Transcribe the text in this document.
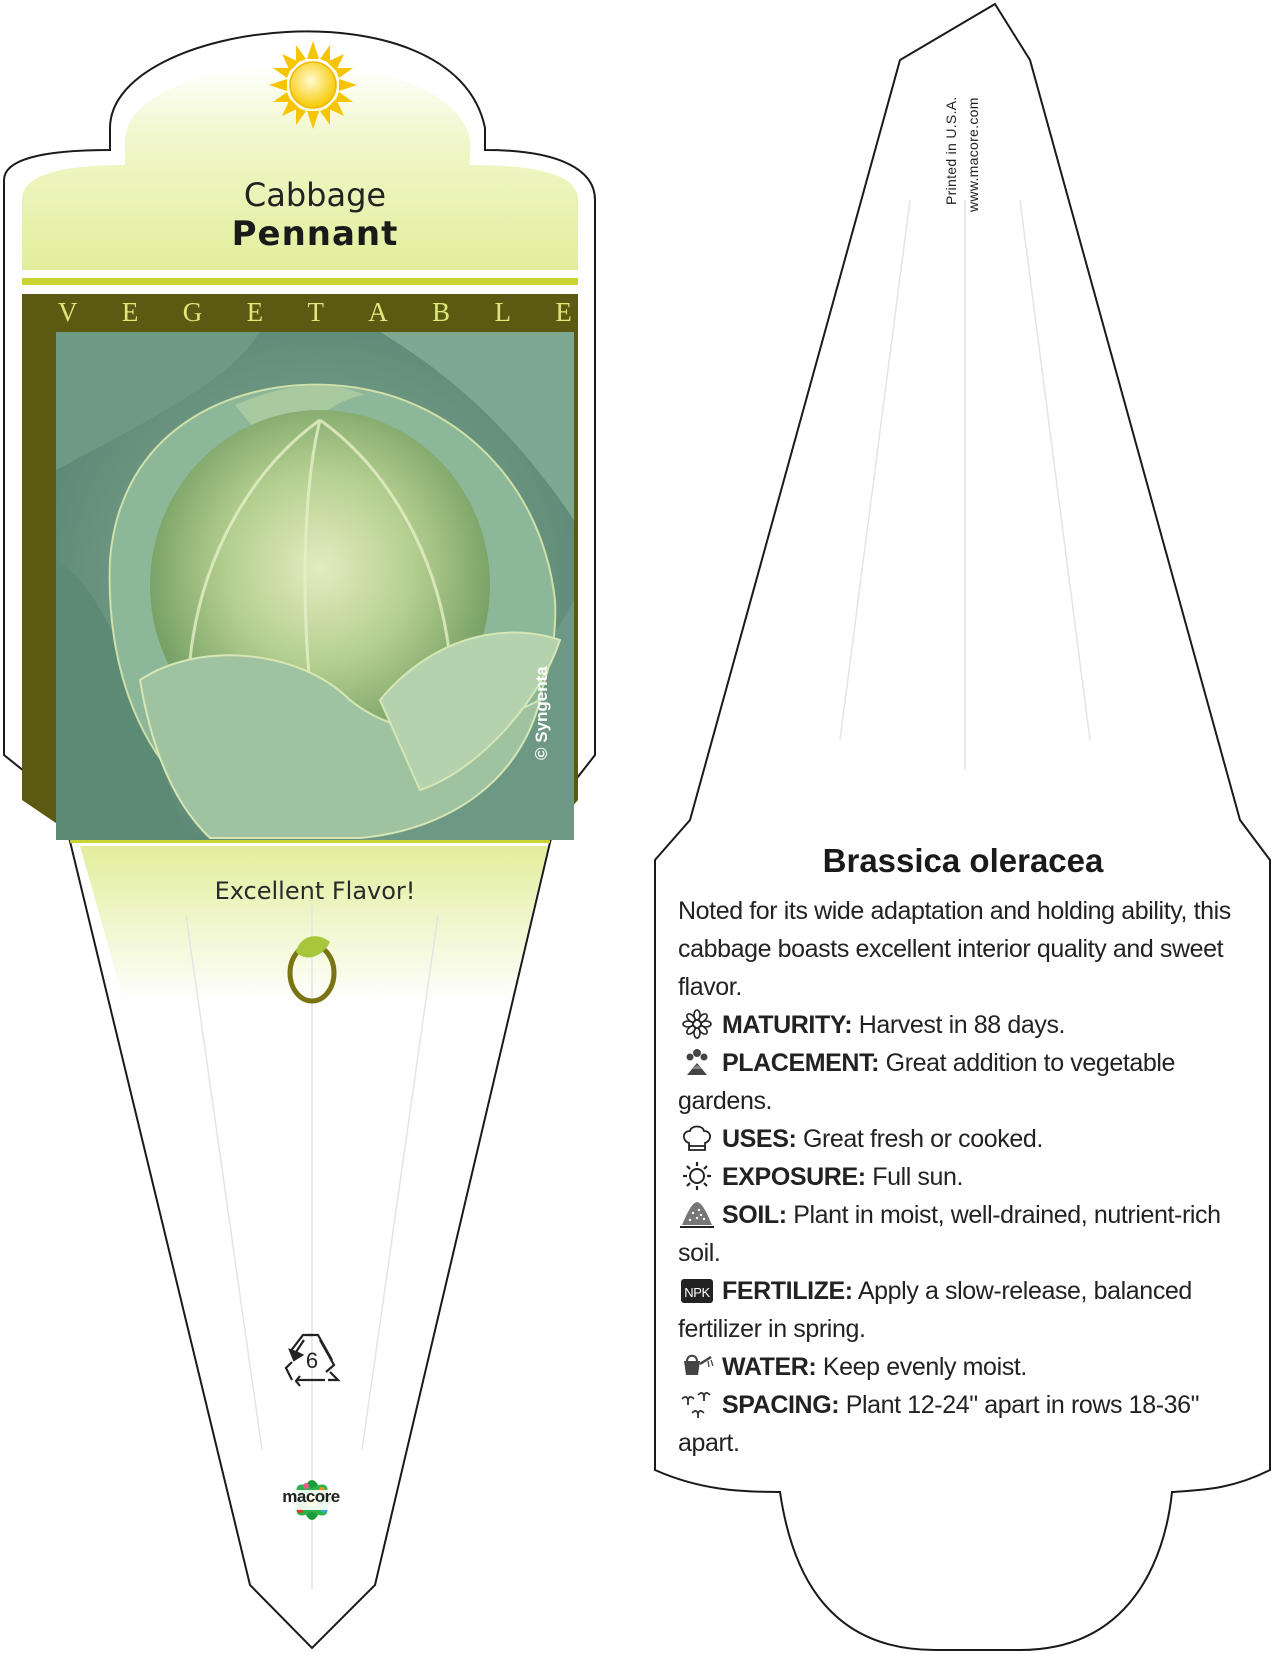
Cabbage
Pennant
V E G E T A B L E
© Syngenta
Excellent Flavor!
6
macore
Printed in U.S.A. www.macore.com
Brassica oleracea

Noted for its wide adaptation and holding ability, this cabbage boasts excellent interior quality and sweet flavor.

MATURITY: Harvest in 88 days.
PLACEMENT: Great addition to vegetable gardens.
USES: Great fresh or cooked.
EXPOSURE: Full sun.
SOIL: Plant in moist, well-drained, nutrient-rich soil.
NPK FERTILIZE: Apply a slow-release, balanced fertilizer in spring.
WATER: Keep evenly moist.
SPACING: Plant 12-24" apart in rows 18-36" apart.
